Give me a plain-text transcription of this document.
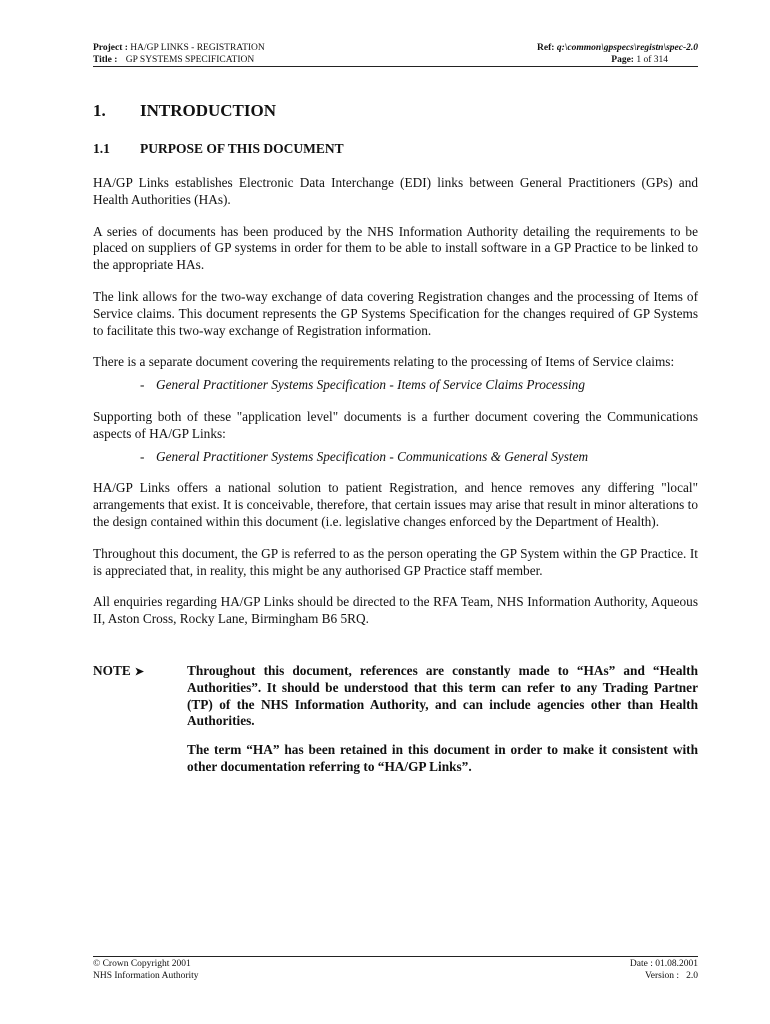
Project : HA/GP LINKS - REGISTRATION	Ref: q:\common\gpspecs\registn\spec-2.0
Title : GP SYSTEMS SPECIFICATION	Page: 1 of 314
1.	INTRODUCTION
1.1	PURPOSE OF THIS DOCUMENT

HA/GP Links establishes Electronic Data Interchange (EDI) links between General Practitioners (GPs) and Health Authorities (HAs).

A series of documents has been produced by the NHS Information Authority detailing the requirements to be placed on suppliers of GP systems in order for them to be able to install software in a GP Practice to be linked to the appropriate HAs.

The link allows for the two-way exchange of data covering Registration changes and the processing of Items of Service claims. This document represents the GP Systems Specification for the changes required of GP Systems to facilitate this two-way exchange of Registration information.

There is a separate document covering the requirements relating to the processing of Items of Service claims:

- General Practitioner Systems Specification - Items of Service Claims Processing

Supporting both of these "application level" documents is a further document covering the Communications aspects of HA/GP Links:

- General Practitioner Systems Specification - Communications & General System

HA/GP Links offers a national solution to patient Registration, and hence removes any differing "local" arrangements that exist. It is conceivable, therefore, that certain issues may arise that result in minor alterations to the design contained within this document (i.e. legislative changes enforced by the Department of Health).

Throughout this document, the GP is referred to as the person operating the GP System within the GP Practice. It is appreciated that, in reality, this might be any authorised GP Practice staff member.

All enquiries regarding HA/GP Links should be directed to the RFA Team, NHS Information Authority, Aqueous II, Aston Cross, Rocky Lane, Birmingham B6 5RQ.

NOTE ➤	Throughout this document, references are constantly made to “HAs” and “Health Authorities”. It should be understood that this term can refer to any Trading Partner (TP) of the NHS Information Authority, and can include agencies other than Health Authorities.

The term “HA” has been retained in this document in order to make it consistent with other documentation referring to “HA/GP Links”.

© Crown Copyright 2001	Date : 01.08.2001
NHS Information Authority	Version : 2.0
